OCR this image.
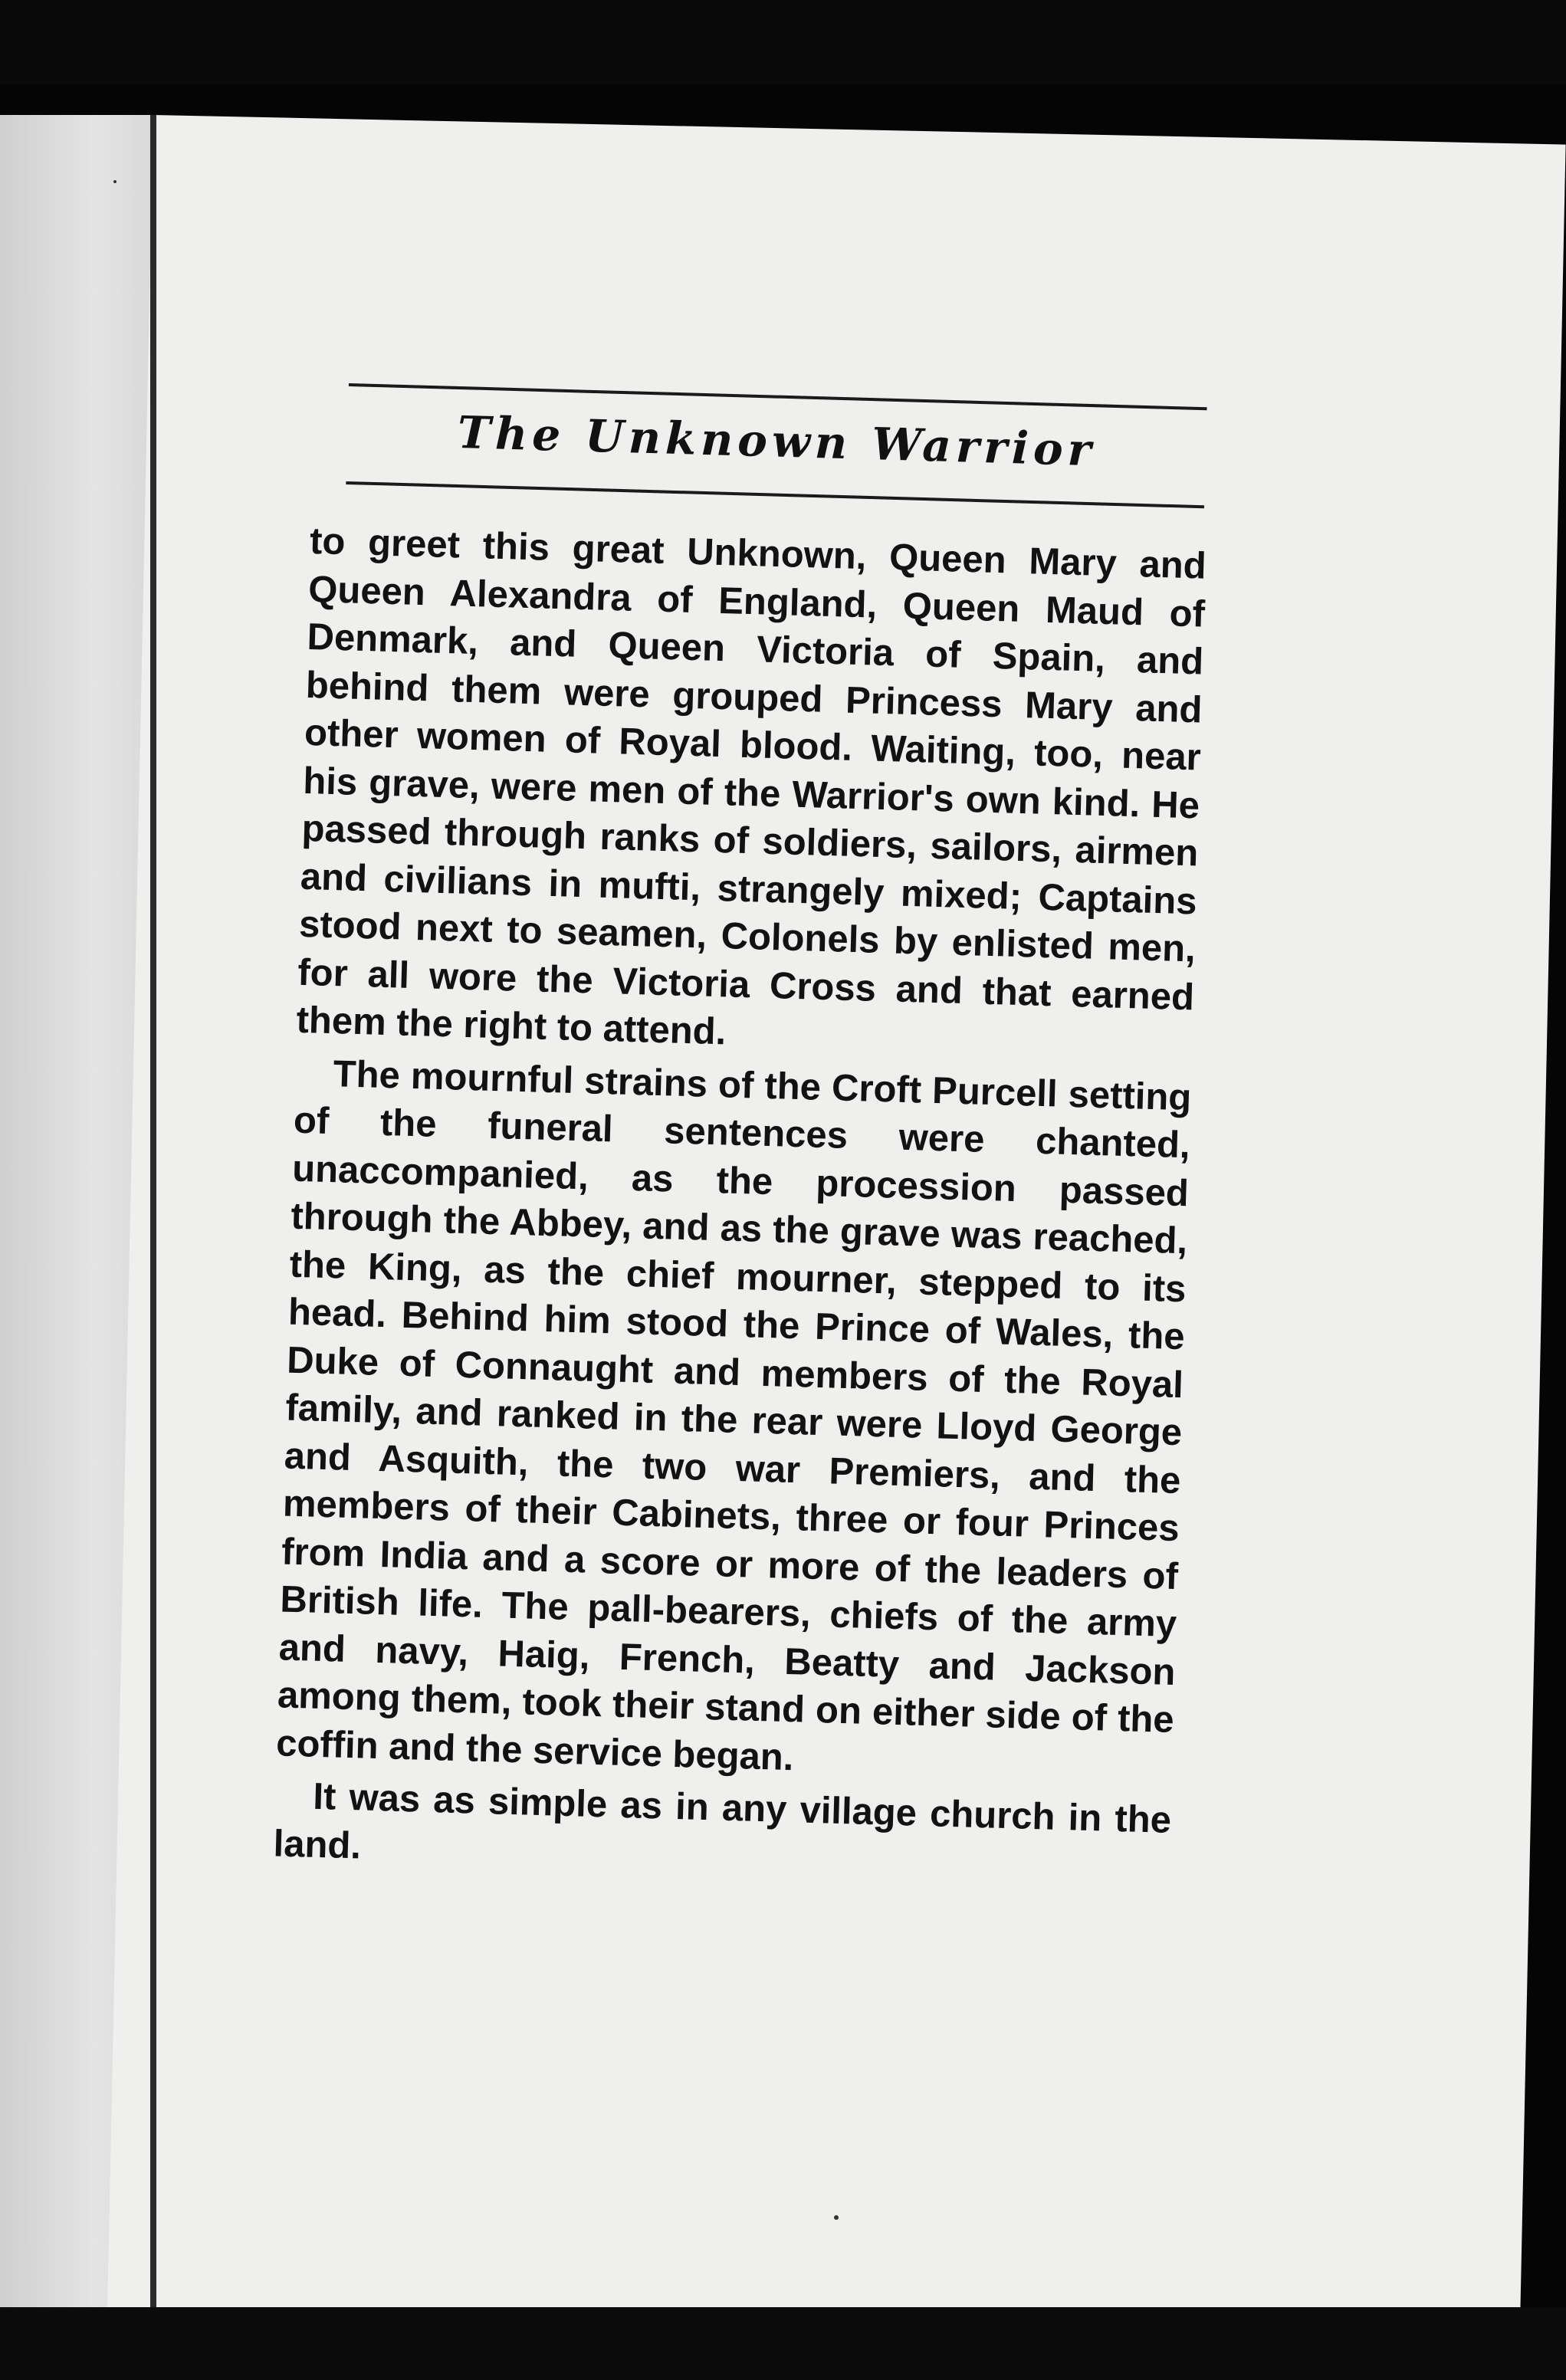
The Unknown Warrior

to greet this great Unknown, Queen Mary and Queen Alexandra of England, Queen Maud of Denmark, and Queen Victoria of Spain, and behind them were grouped Princess Mary and other women of Royal blood. Waiting, too, near his grave, were men of the Warrior's own kind. He passed through ranks of soldiers, sailors, airmen and civilians in mufti, strangely mixed; Captains stood next to seamen, Colonels by enlisted men, for all wore the Victoria Cross and that earned them the right to attend.

The mournful strains of the Croft Purcell setting of the funeral sentences were chanted, unaccompanied, as the procession passed through the Abbey, and as the grave was reached, the King, as the chief mourner, stepped to its head. Behind him stood the Prince of Wales, the Duke of Connaught and members of the Royal family, and ranked in the rear were Lloyd George and Asquith, the two war Premiers, and the members of their Cabinets, three or four Princes from India and a score or more of the leaders of British life. The pall-bearers, chiefs of the army and navy, Haig, French, Beatty and Jackson among them, took their stand on either side of the coffin and the service began.

It was as simple as in any village church in the land.
